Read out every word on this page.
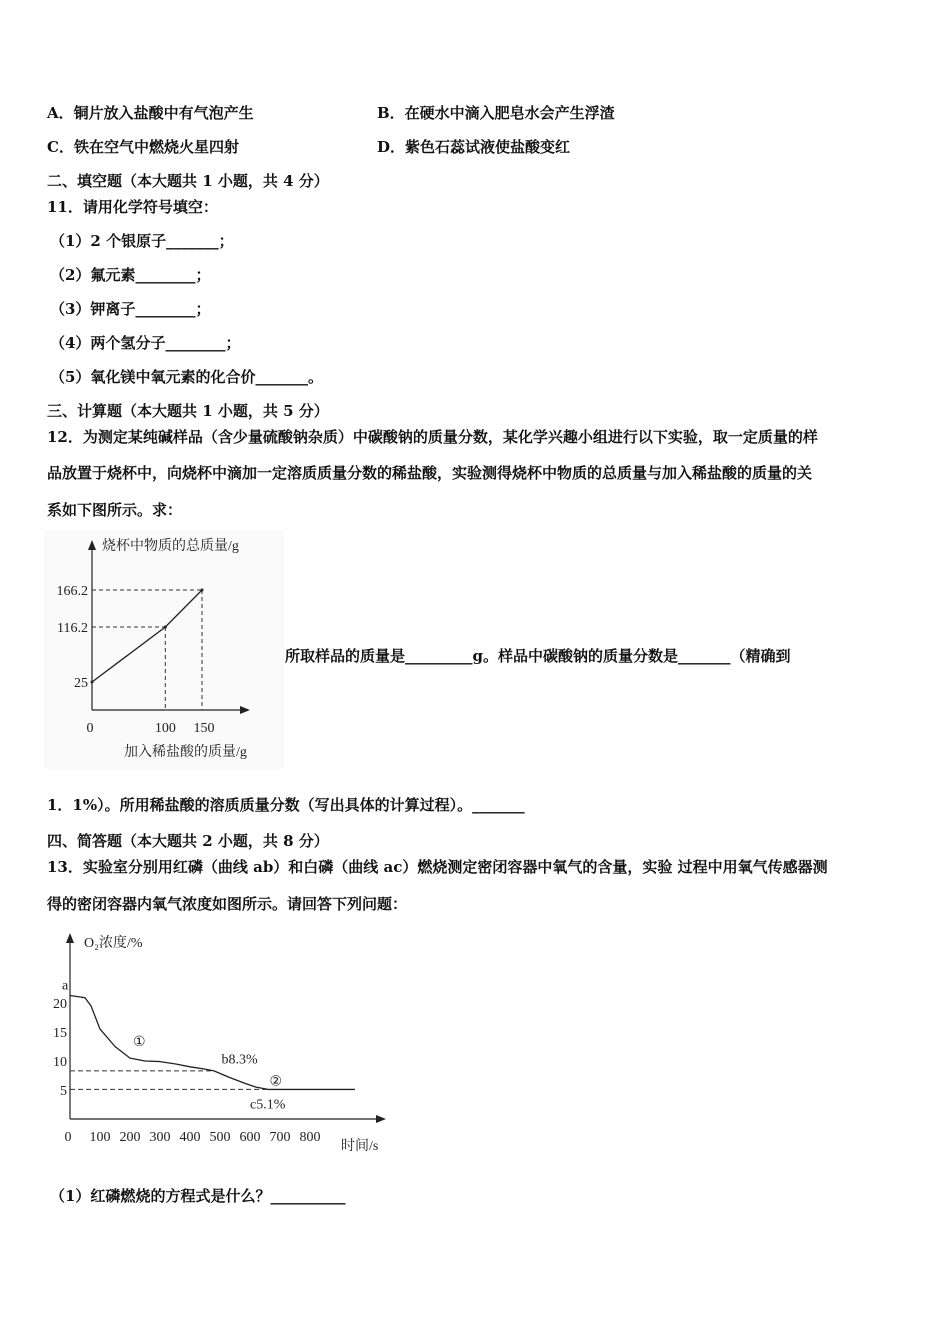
A．铜片放入盐酸中有气泡产生	B．在硬水中滴入肥皂水会产生浮渣
C．铁在空气中燃烧火星四射	D．紫色石蕊试液使盐酸变红
二、填空题（本大题共 1 小题，共 4 分）
11．请用化学符号填空：
（1）2 个银原子_______；
（2）氟元素________；
（3）钾离子________；
（4）两个氢分子________；
（5）氧化镁中氧元素的化合价_______。
三、计算题（本大题共 1 小题，共 5 分）
12．为测定某纯碱样品（含少量硫酸钠杂质）中碳酸钠的质量分数，某化学兴趣小组进行以下实验，取一定质量的样
品放置于烧杯中，向烧杯中滴加一定溶质质量分数的稀盐酸，实验测得烧杯中物质的总质量与加入稀盐酸的质量的关
系如下图所示。求：
烧杯中物质的总质量/g
加入稀盐酸的质量/g
0	100 150
25
116.2
166.2
所取样品的质量是_________g。样品中碳酸钠的质量分数是_______（精确到
1．1%）。所用稀盐酸的溶质质量分数（写出具体的计算过程）。_______
四、简答题（本大题共 2 小题，共 8 分）
13．实验室分别用红磷（曲线 ab）和白磷（曲线 ac）燃烧测定密闭容器中氧气的含量，实验 过程中用氧气传感器测
得的密闭容器内氧气浓度如图所示。请回答下列问题：
O₂浓度/%
时间/s
5
10
15
20
0 100 200 300 400 500 600 700 800
a
①
②
b8.3%
c5.1%
（1）红磷燃烧的方程式是什么？__________
